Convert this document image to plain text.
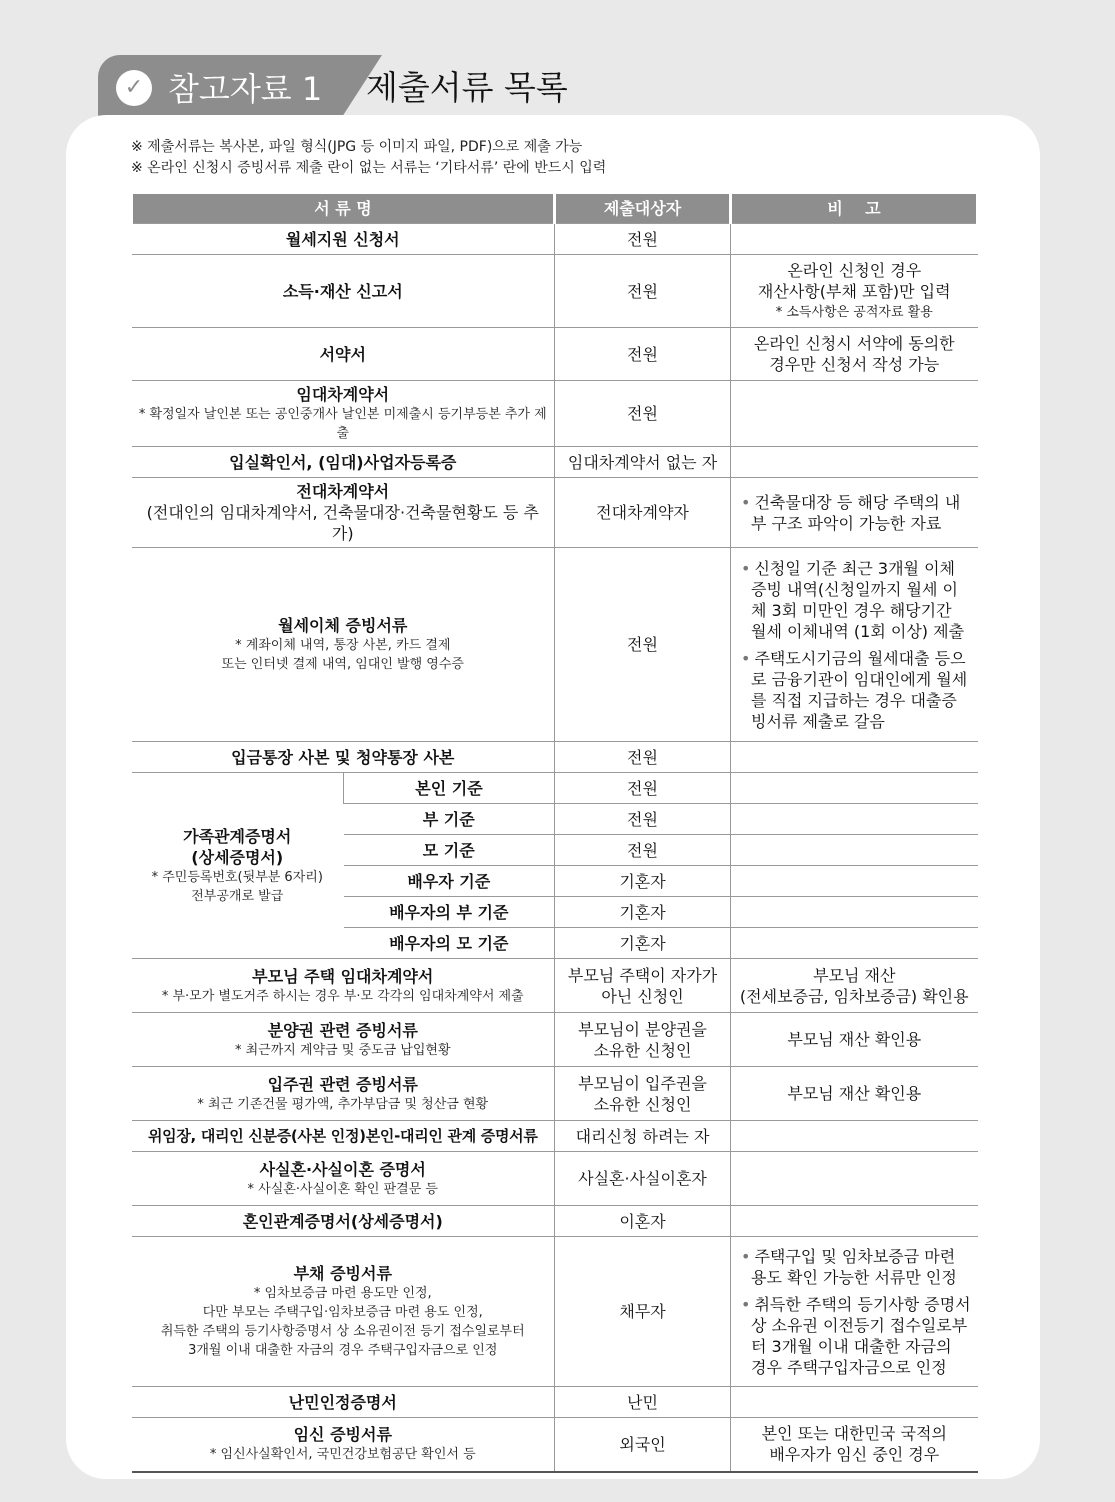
✓ 참고자료 1 제출서류 목록
※ 제출서류는 복사본, 파일 형식(JPG 등 이미지 파일, PDF)으로 제출 가능
※ 온라인 신청시 증빙서류 제출 란이 없는 서류는 ‘기타서류’ 란에 반드시 입력
서 류 명		제출대상자	비    고
월세지원 신청서		전원	
소득·재산 신고서		전원	온라인 신청인 경우
재산사항(부채 포함)만 입력
* 소득사항은 공적자료 활용

서약서		전원	온라인 신청시 서약에 동의한
경우만 신청서 작성 가능

임대차계약서
* 확정일자 날인본 또는 공인중개사 날인본 미제출시 등기부등본 추가 제출		전원	
입실확인서, (임대)사업자등록증		임대차계약서 없는 자	

전대차계약서
(전대인의 임대차계약서, 건축물대장·건축물현황도 등 추가)		전대차계약자	• 건축물대장 등 해당 주택의 내부 구조 파악이 가능한 자료

월세이체 증빙서류
* 계좌이체 내역, 통장 사본, 카드 결제
또는 인터넷 결제 내역, 임대인 발행 영수증		전원	• 신청일 기준 최근 3개월 이체 증빙 내역(신청일까지 월세 이체 3회 미만인 경우 해당기간 월세 이체내역 (1회 이상) 제출
• 주택도시기금의 월세대출 등으로 금융기관이 임대인에게 월세를 직접 지급하는 경우 대출증빙서류 제출로 갈음

입금통장 사본 및 청약통장 사본		전원	

가족관계증명서
(상세증명서)
* 주민등록번호(뒷부분 6자리)
전부공개로 발급	본인 기준	전원	
	부 기준	전원	
	모 기준	전원	
	배우자 기준	기혼자	
	배우자의 부 기준	기혼자	
	배우자의 모 기준	기혼자	

부모님 주택 임대차계약서
* 부·모가 별도거주 하시는 경우 부·모 각각의 임대차계약서 제출		부모님 주택이 자가가
아닌 신청인	부모님 재산
(전세보증금, 임차보증금) 확인용

분양권 관련 증빙서류
* 최근까지 계약금 및 중도금 납입현황		부모님이 분양권을
소유한 신청인	부모님 재산 확인용

입주권 관련 증빙서류
* 최근 기존건물 평가액, 추가부담금 및 청산금 현황		부모님이 입주권을
소유한 신청인	부모님 재산 확인용
위임장, 대리인 신분증(사본 인정)본인-대리인 관계 증명서류		대리신청 하려는 자	

사실혼·사실이혼 증명서
* 사실혼·사실이혼 확인 판결문 등		사실혼·사실이혼자	
혼인관계증명서(상세증명서)		이혼자	

부채 증빙서류
* 임차보증금 마련 용도만 인정,
다만 부모는 주택구입·임차보증금 마련 용도 인정,
취득한 주택의 등기사항증명서 상 소유권이전 등기 접수일로부터
3개월 이내 대출한 자금의 경우 주택구입자금으로 인정		채무자	• 주택구입 및 임차보증금 마련 용도 확인 가능한 서류만 인정
• 취득한 주택의 등기사항 증명서 상 소유권 이전등기 접수일로부터 3개월 이내 대출한 자금의 경우 주택구입자금으로 인정

난민인정증명서		난민	

임신 증빙서류
* 임신사실확인서, 국민건강보험공단 확인서 등		외국인	본인 또는 대한민국 국적의
배우자가 임신 중인 경우
